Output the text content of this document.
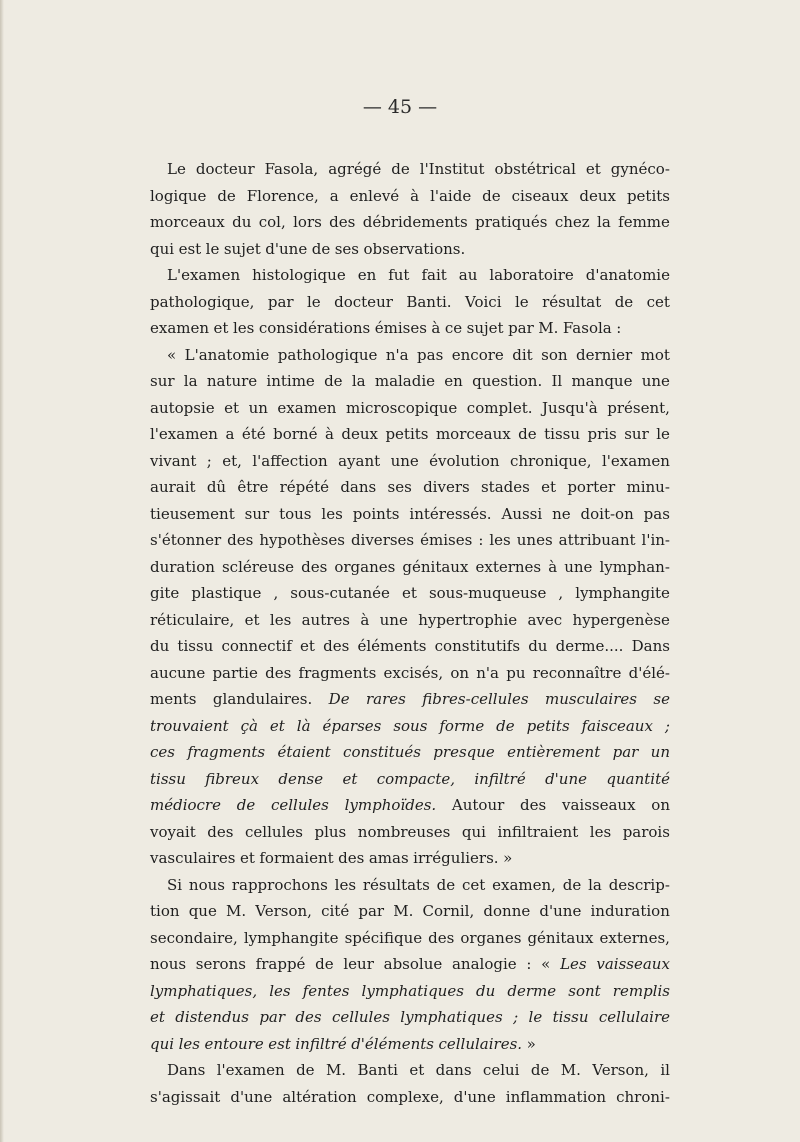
— 45 —
Le docteur Fasola, agrégé de l'Institut obstétrical et gynéco-
logique de Florence, a enlevé à l'aide de ciseaux deux petits
morceaux du col, lors des débridements pratiqués chez la femme
qui est le sujet d'une de ses observations.
L'examen histologique en fut fait au laboratoire d'anatomie
pathologique, par le docteur Banti. Voici le résultat de cet
examen et les considérations émises à ce sujet par M. Fasola :
« L'anatomie pathologique n'a pas encore dit son dernier mot
sur la nature intime de la maladie en question. Il manque une
autopsie et un examen microscopique complet. Jusqu'à présent,
l'examen a été borné à deux petits morceaux de tissu pris sur le
vivant ; et, l'affection ayant une évolution chronique, l'examen
aurait dû être répété dans ses divers stades et porter minu-
tieusement sur tous les points intéressés. Aussi ne doit-on pas
s'étonner des hypothèses diverses émises : les unes attribuant l'in-
duration scléreuse des organes génitaux externes à une lymphan-
gite plastique , sous-cutanée et sous-muqueuse , lymphangite
réticulaire, et les autres à une hypertrophie avec hypergenèse
du tissu connectif et des éléments constitutifs du derme.... Dans
aucune partie des fragments excisés, on n'a pu reconnaître d'élé-
ments glandulaires. De rares fibres-cellules musculaires se
trouvaient çà et là éparses sous forme de petits faisceaux ;
ces fragments étaient constitués presque entièrement par un
tissu fibreux dense et compacte, infiltré d'une quantité
médiocre de cellules lymphoïdes. Autour des vaisseaux on
voyait des cellules plus nombreuses qui infiltraient les parois
vasculaires et formaient des amas irréguliers. »
Si nous rapprochons les résultats de cet examen, de la descrip-
tion que M. Verson, cité par M. Cornil, donne d'une induration
secondaire, lymphangite spécifique des organes génitaux externes,
nous serons frappé de leur absolue analogie : « Les vaisseaux
lymphatiques, les fentes lymphatiques du derme sont remplis
et distendus par des cellules lymphatiques ; le tissu cellulaire
qui les entoure est infiltré d'éléments cellulaires. »
Dans l'examen de M. Banti et dans celui de M. Verson, il
s'agissait d'une altération complexe, d'une inflammation chroni-
